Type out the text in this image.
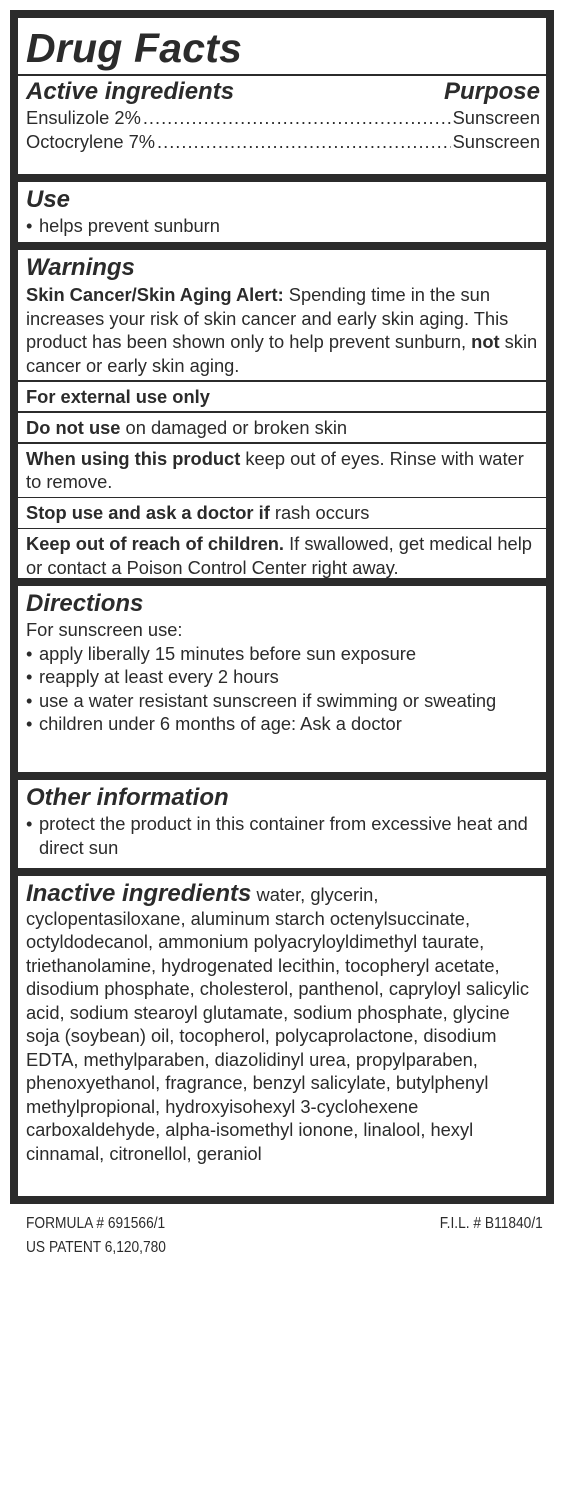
Drug Facts
Active ingredients	Purpose
Ensulizole 2% .....	Sunscreen
Octocrylene 7% .....	Sunscreen
Use
• helps prevent sunburn
Warnings
Skin Cancer/Skin Aging Alert: Spending time in the sun increases your risk of skin cancer and early skin aging. This product has been shown only to help prevent sunburn, not skin cancer or early skin aging.
For external use only
Do not use on damaged or broken skin
When using this product keep out of eyes. Rinse with water to remove.
Stop use and ask a doctor if rash occurs
Keep out of reach of children. If swallowed, get medical help or contact a Poison Control Center right away.
Directions
For sunscreen use:
• apply liberally 15 minutes before sun exposure
• reapply at least every 2 hours
• use a water resistant sunscreen if swimming or sweating
• children under 6 months of age: Ask a doctor
Other information
• protect the product in this container from excessive heat and direct sun
Inactive ingredients water, glycerin, cyclopentasiloxane, aluminum starch octenylsuccinate, octyldodecanol, ammonium polyacryloyldimethyl taurate, triethanolamine, hydrogenated lecithin, tocopheryl acetate, disodium phosphate, cholesterol, panthenol, capryloyl salicylic acid, sodium stearoyl glutamate, sodium phosphate, glycine soja (soybean) oil, tocopherol, polycaprolactone, disodium EDTA, methylparaben, diazolidinyl urea, propylparaben, phenoxyethanol, fragrance, benzyl salicylate, butylphenyl methylpropional, hydroxyisohexyl 3-cyclohexene carboxaldehyde, alpha-isomethyl ionone, linalool, hexyl cinnamal, citronellol, geraniol
FORMULA # 691566/1
US PATENT 6,120,780
F.I.L. # B11840/1
